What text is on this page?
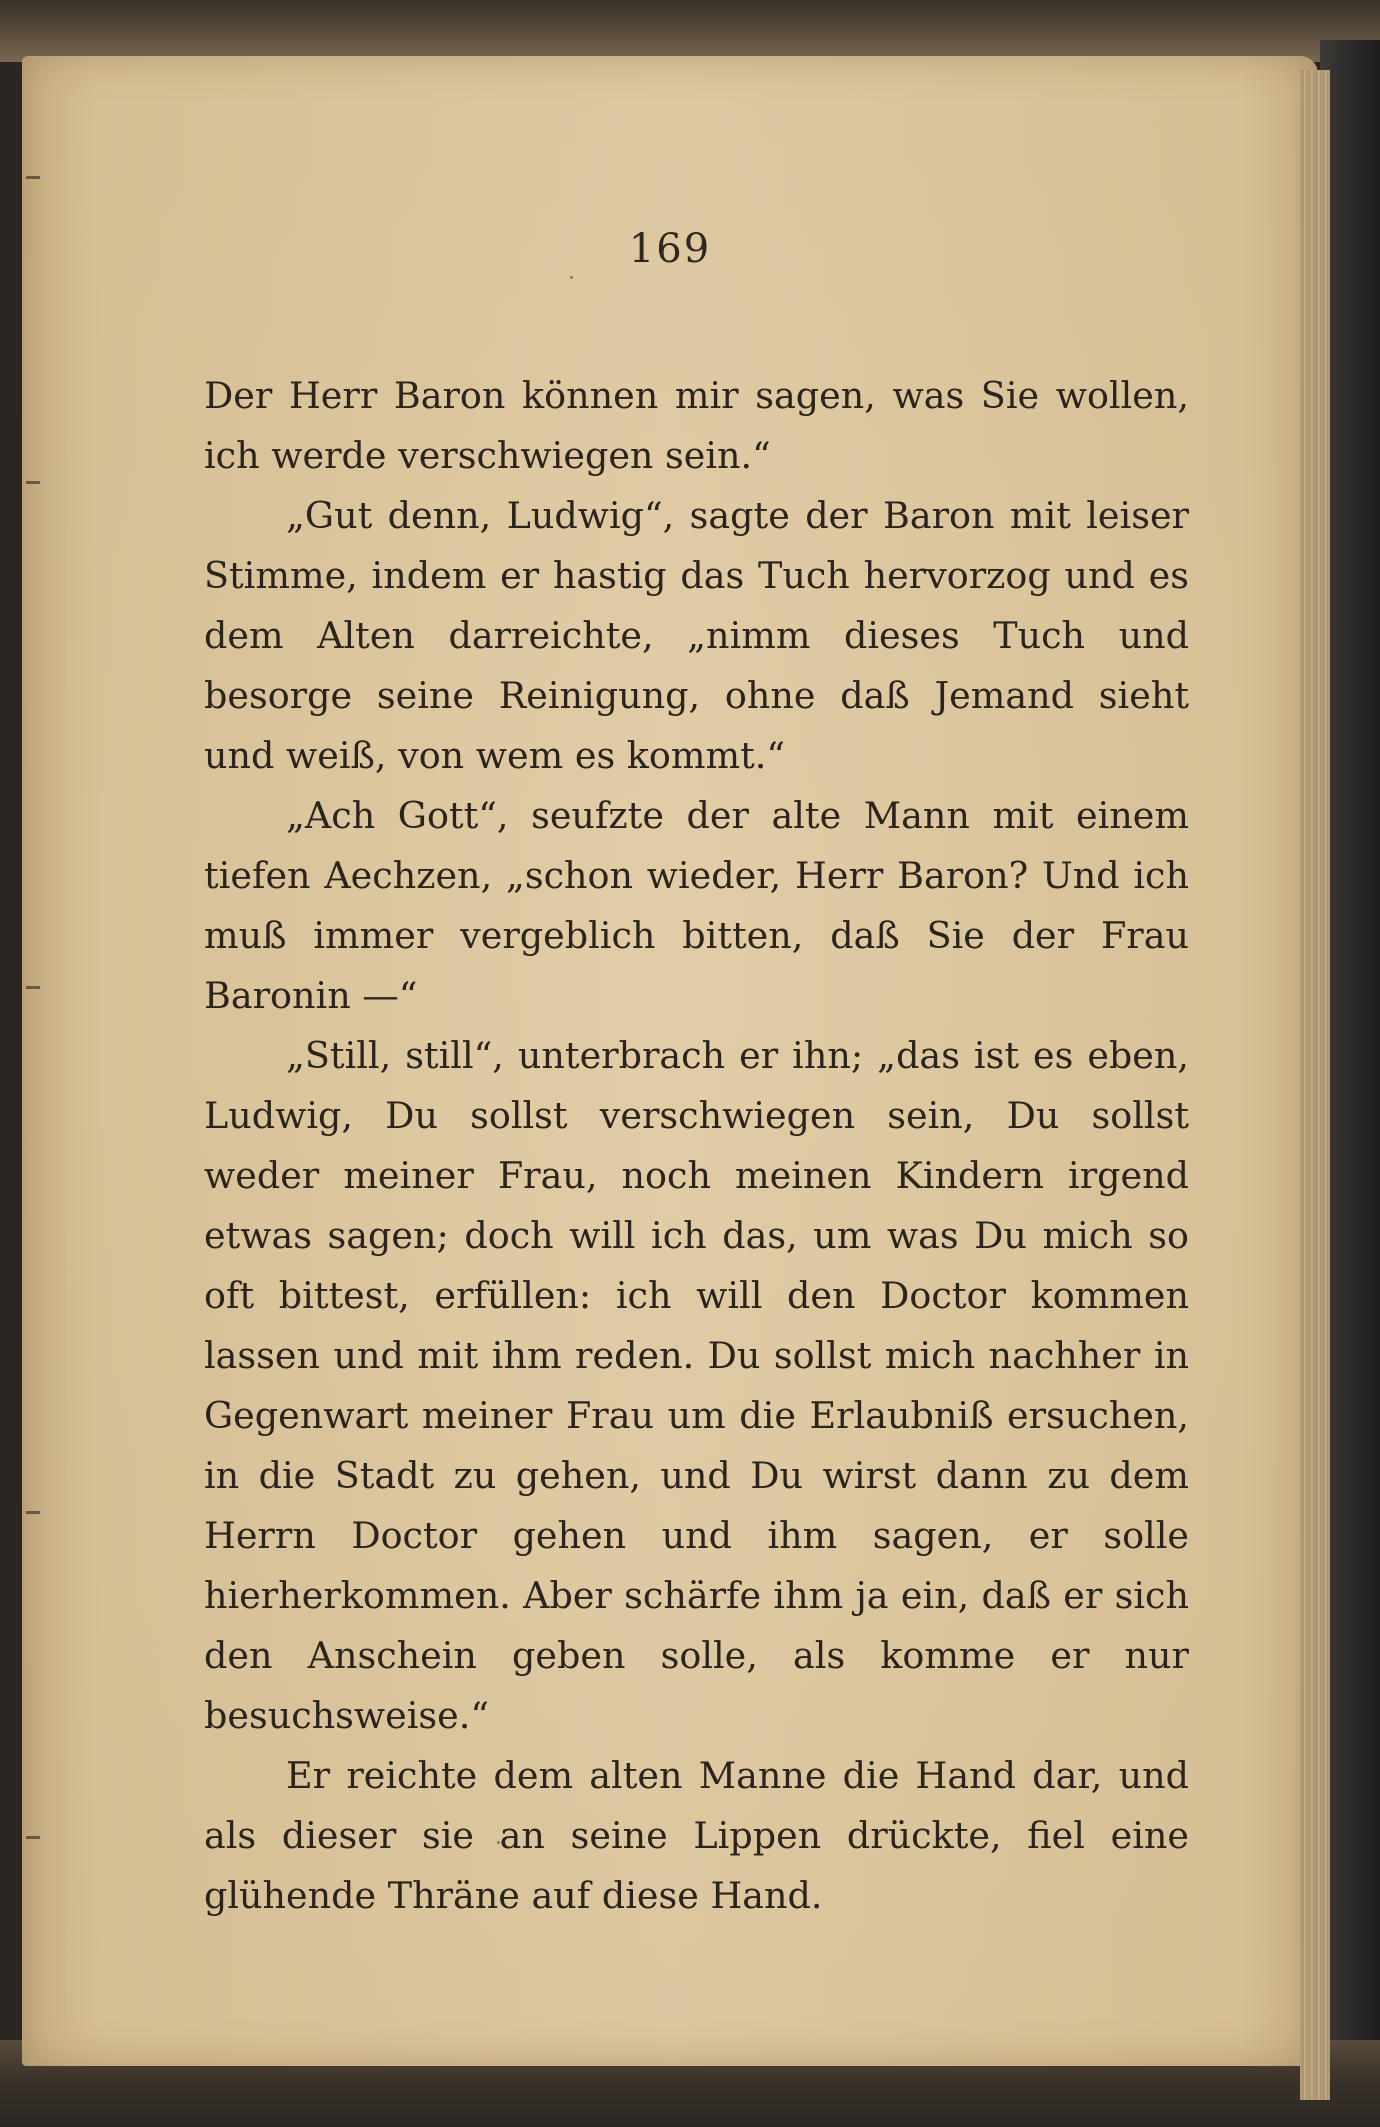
169

Der Herr Baron können mir sagen, was Sie wollen, ich werde verschwiegen sein.“

„Gut denn, Ludwig“, sagte der Baron mit leiser Stimme, indem er hastig das Tuch hervorzog und es dem Alten darreichte, „nimm dieses Tuch und besorge seine Reinigung, ohne daß Jemand sieht und weiß, von wem es kommt.“

„Ach Gott“, seufzte der alte Mann mit einem tiefen Aechzen, „schon wieder, Herr Baron? Und ich muß immer vergeblich bitten, daß Sie der Frau Baronin —“

„Still, still“, unterbrach er ihn; „das ist es eben, Ludwig, Du sollst verschwiegen sein, Du sollst weder meiner Frau, noch meinen Kindern irgend etwas sagen; doch will ich das, um was Du mich so oft bittest, erfüllen: ich will den Doctor kommen lassen und mit ihm reden. Du sollst mich nachher in Gegenwart meiner Frau um die Erlaubniß ersuchen, in die Stadt zu gehen, und Du wirst dann zu dem Herrn Doctor gehen und ihm sagen, er solle hierherkommen. Aber schärfe ihm ja ein, daß er sich den Anschein geben solle, als komme er nur besuchsweise.“

Er reichte dem alten Manne die Hand dar, und als dieser sie an seine Lippen drückte, fiel eine glühende Thräne auf diese Hand.
